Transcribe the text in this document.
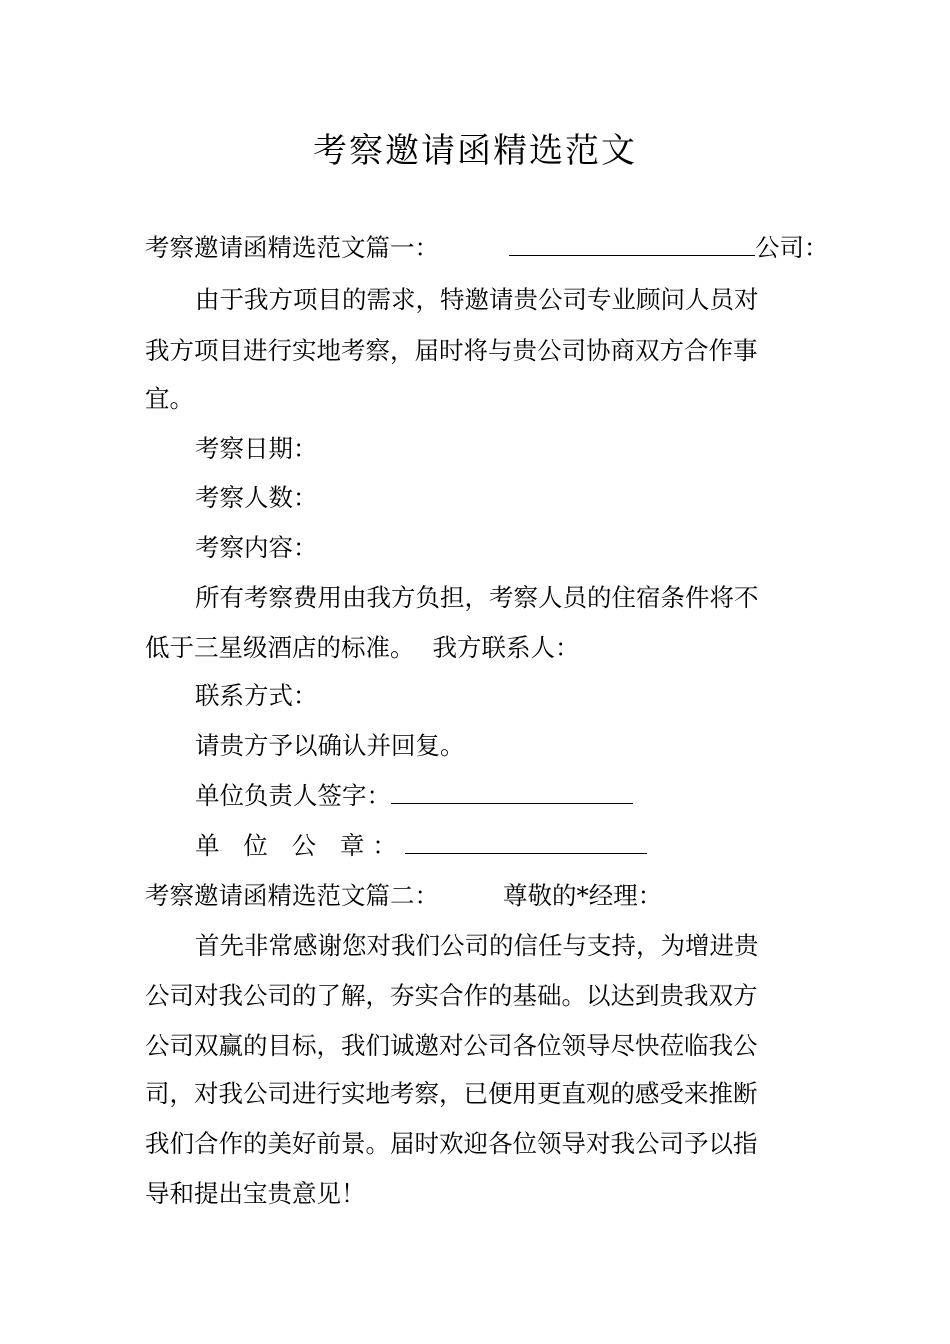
考察邀请函精选范文
考察邀请函精选范文篇一：	公司：
由于我方项目的需求，特邀请贵公司专业顾问人员对
我方项目进行实地考察，届时将与贵公司协商双方合作事
宜。
考察日期：
考察人数：
考察内容：
所有考察费用由我方负担，考察人员的住宿条件将不
低于三星级酒店的标准。 我方联系人：
联系方式：
请贵方予以确认并回复。
单位负责人签字：
单 位 公 章：
考察邀请函精选范文篇二：	尊敬的*经理：
首先非常感谢您对我们公司的信任与支持，为增进贵
公司对我公司的了解，夯实合作的基础。以达到贵我双方
公司双赢的目标，我们诚邀对公司各位领导尽快莅临我公
司，对我公司进行实地考察，已便用更直观的感受来推断
我们合作的美好前景。届时欢迎各位领导对我公司予以指
导和提出宝贵意见！
